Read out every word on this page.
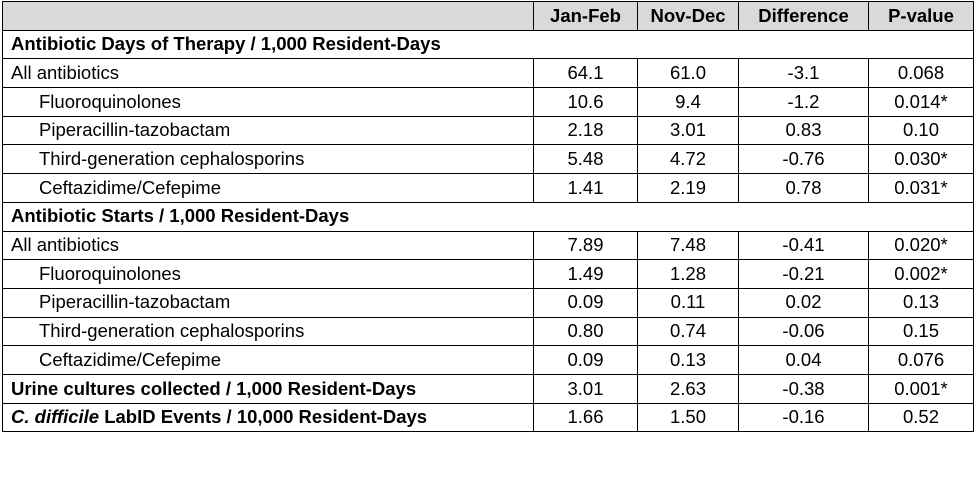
	Jan-Feb	Nov-Dec	Difference	P-value
Antibiotic Days of Therapy / 1,000 Resident-Days				
All antibiotics	64.1	61.0	-3.1	0.068
Fluoroquinolones	10.6	9.4	-1.2	0.014*
Piperacillin-tazobactam	2.18	3.01	0.83	0.10
Third-generation cephalosporins	5.48	4.72	-0.76	0.030*
Ceftazidime/Cefepime	1.41	2.19	0.78	0.031*
Antibiotic Starts / 1,000 Resident-Days				
All antibiotics	7.89	7.48	-0.41	0.020*
Fluoroquinolones	1.49	1.28	-0.21	0.002*
Piperacillin-tazobactam	0.09	0.11	0.02	0.13
Third-generation cephalosporins	0.80	0.74	-0.06	0.15
Ceftazidime/Cefepime	0.09	0.13	0.04	0.076
Urine cultures collected / 1,000 Resident-Days	3.01	2.63	-0.38	0.001*
C. difficile LabID Events / 10,000 Resident-Days	1.66	1.50	-0.16	0.52
